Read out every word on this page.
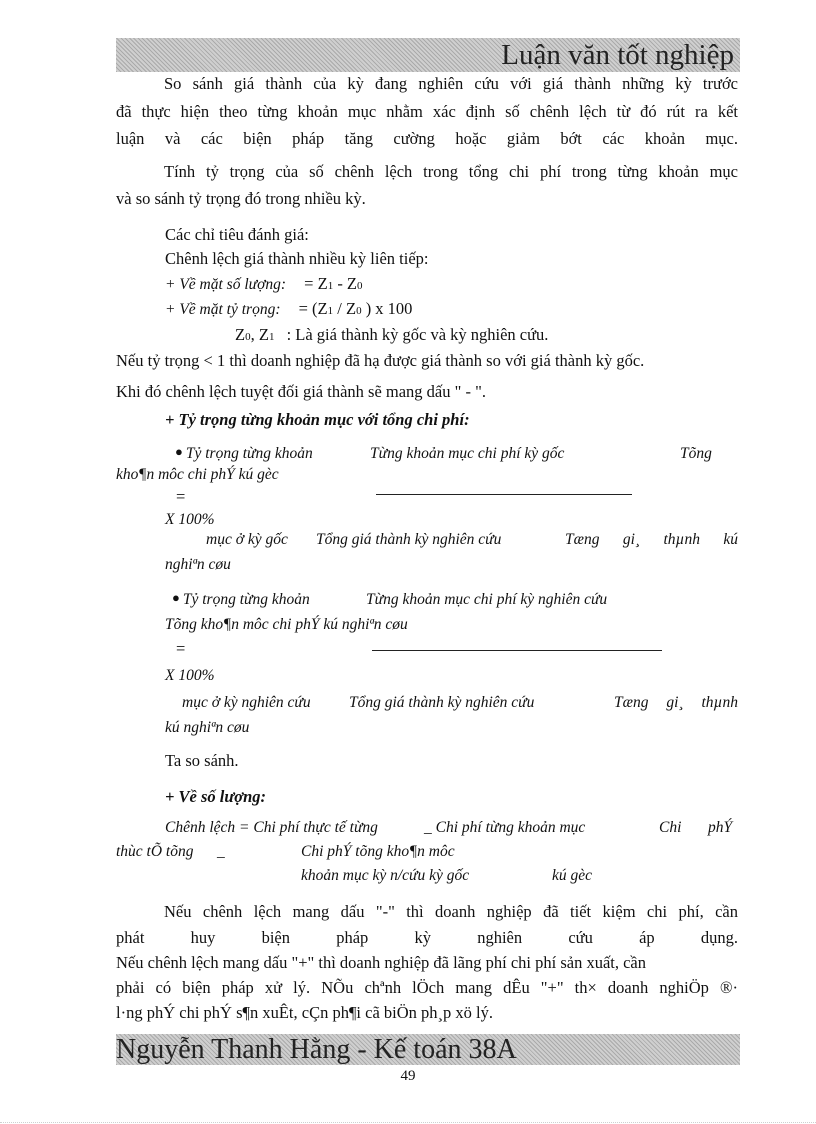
Luận văn tốt nghiệp
So sánh giá thành của kỳ đang nghiên cứu với giá thành những kỳ trước
đã thực hiện theo từng khoản mục nhằm xác định số chênh lệch từ đó rút ra kết
luận và các biện pháp tăng cường hoặc giảm bớt các khoản mục.
Tính tỷ trọng của số chênh lệch trong tổng chi phí trong từng khoản mục
và so sánh tỷ trọng đó trong nhiều kỳ.
Các chỉ tiêu đánh giá:
Chênh lệch giá thành nhiều kỳ liên tiếp:
+ Về mặt số lượng: = Z1 - Z0
+ Về mặt tỷ trọng: = (Z1 / Z0 ) x 100
Z0, Z1 : Là giá thành kỳ gốc và kỳ nghiên cứu.
Nếu tỷ trọng < 1 thì doanh nghiệp đã hạ được giá thành so với giá thành kỳ gốc.
Khi đó chênh lệch tuyệt đối giá thành sẽ mang dấu " - ".
+ Tỷ trọng từng khoản mục với tổng chi phí:
● Tỷ trọng từng khoản	Từng khoản mục chi phí kỳ gốc	Tõng
kho¶n môc chi phÝ kú gèc
=
X 100%
mục ở kỳ gốc Tổng giá thành kỳ nghiên cứu	Tæng gi¸ thµnh kú
nghiªn cøu
● Tỷ trọng từng khoản	Từng khoản mục chi phí kỳ nghiên cứu
Tõng kho¶n môc chi phÝ kú nghiªn cøu
=
X 100%
mục ở kỳ nghiên cứu Tổng giá thành kỳ nghiên cứu	Tæng gi¸ thµnh
kú nghiªn cøu
Ta so sánh.
+ Về số lượng:
Chênh lệch = Chi phí thực tế từng	_ Chi phí từng khoản mục	Chi phÝ
thùc tÕ tõng _	Chi phÝ tõng kho¶n môc
khoản mục kỳ n/cứu kỳ gốc	kú gèc
Nếu chênh lệch mang dấu "-" thì doanh nghiệp đã tiết kiệm chi phí, cần
phát huy biện pháp kỳ nghiên cứu áp dụng.
Nếu chênh lệch mang dấu "+" thì doanh nghiệp đã lãng phí chi phí sản xuất, cần
phải có biện pháp xử lý. NÕu chªnh lÖch mang dÊu "+" th× doanh nghiÖp ®·
l·ng phÝ chi phÝ s¶n xuÊt, cÇn ph¶i cã biÖn ph¸p xö lý.
Nguyễn Thanh Hằng - Kế toán 38A
49
